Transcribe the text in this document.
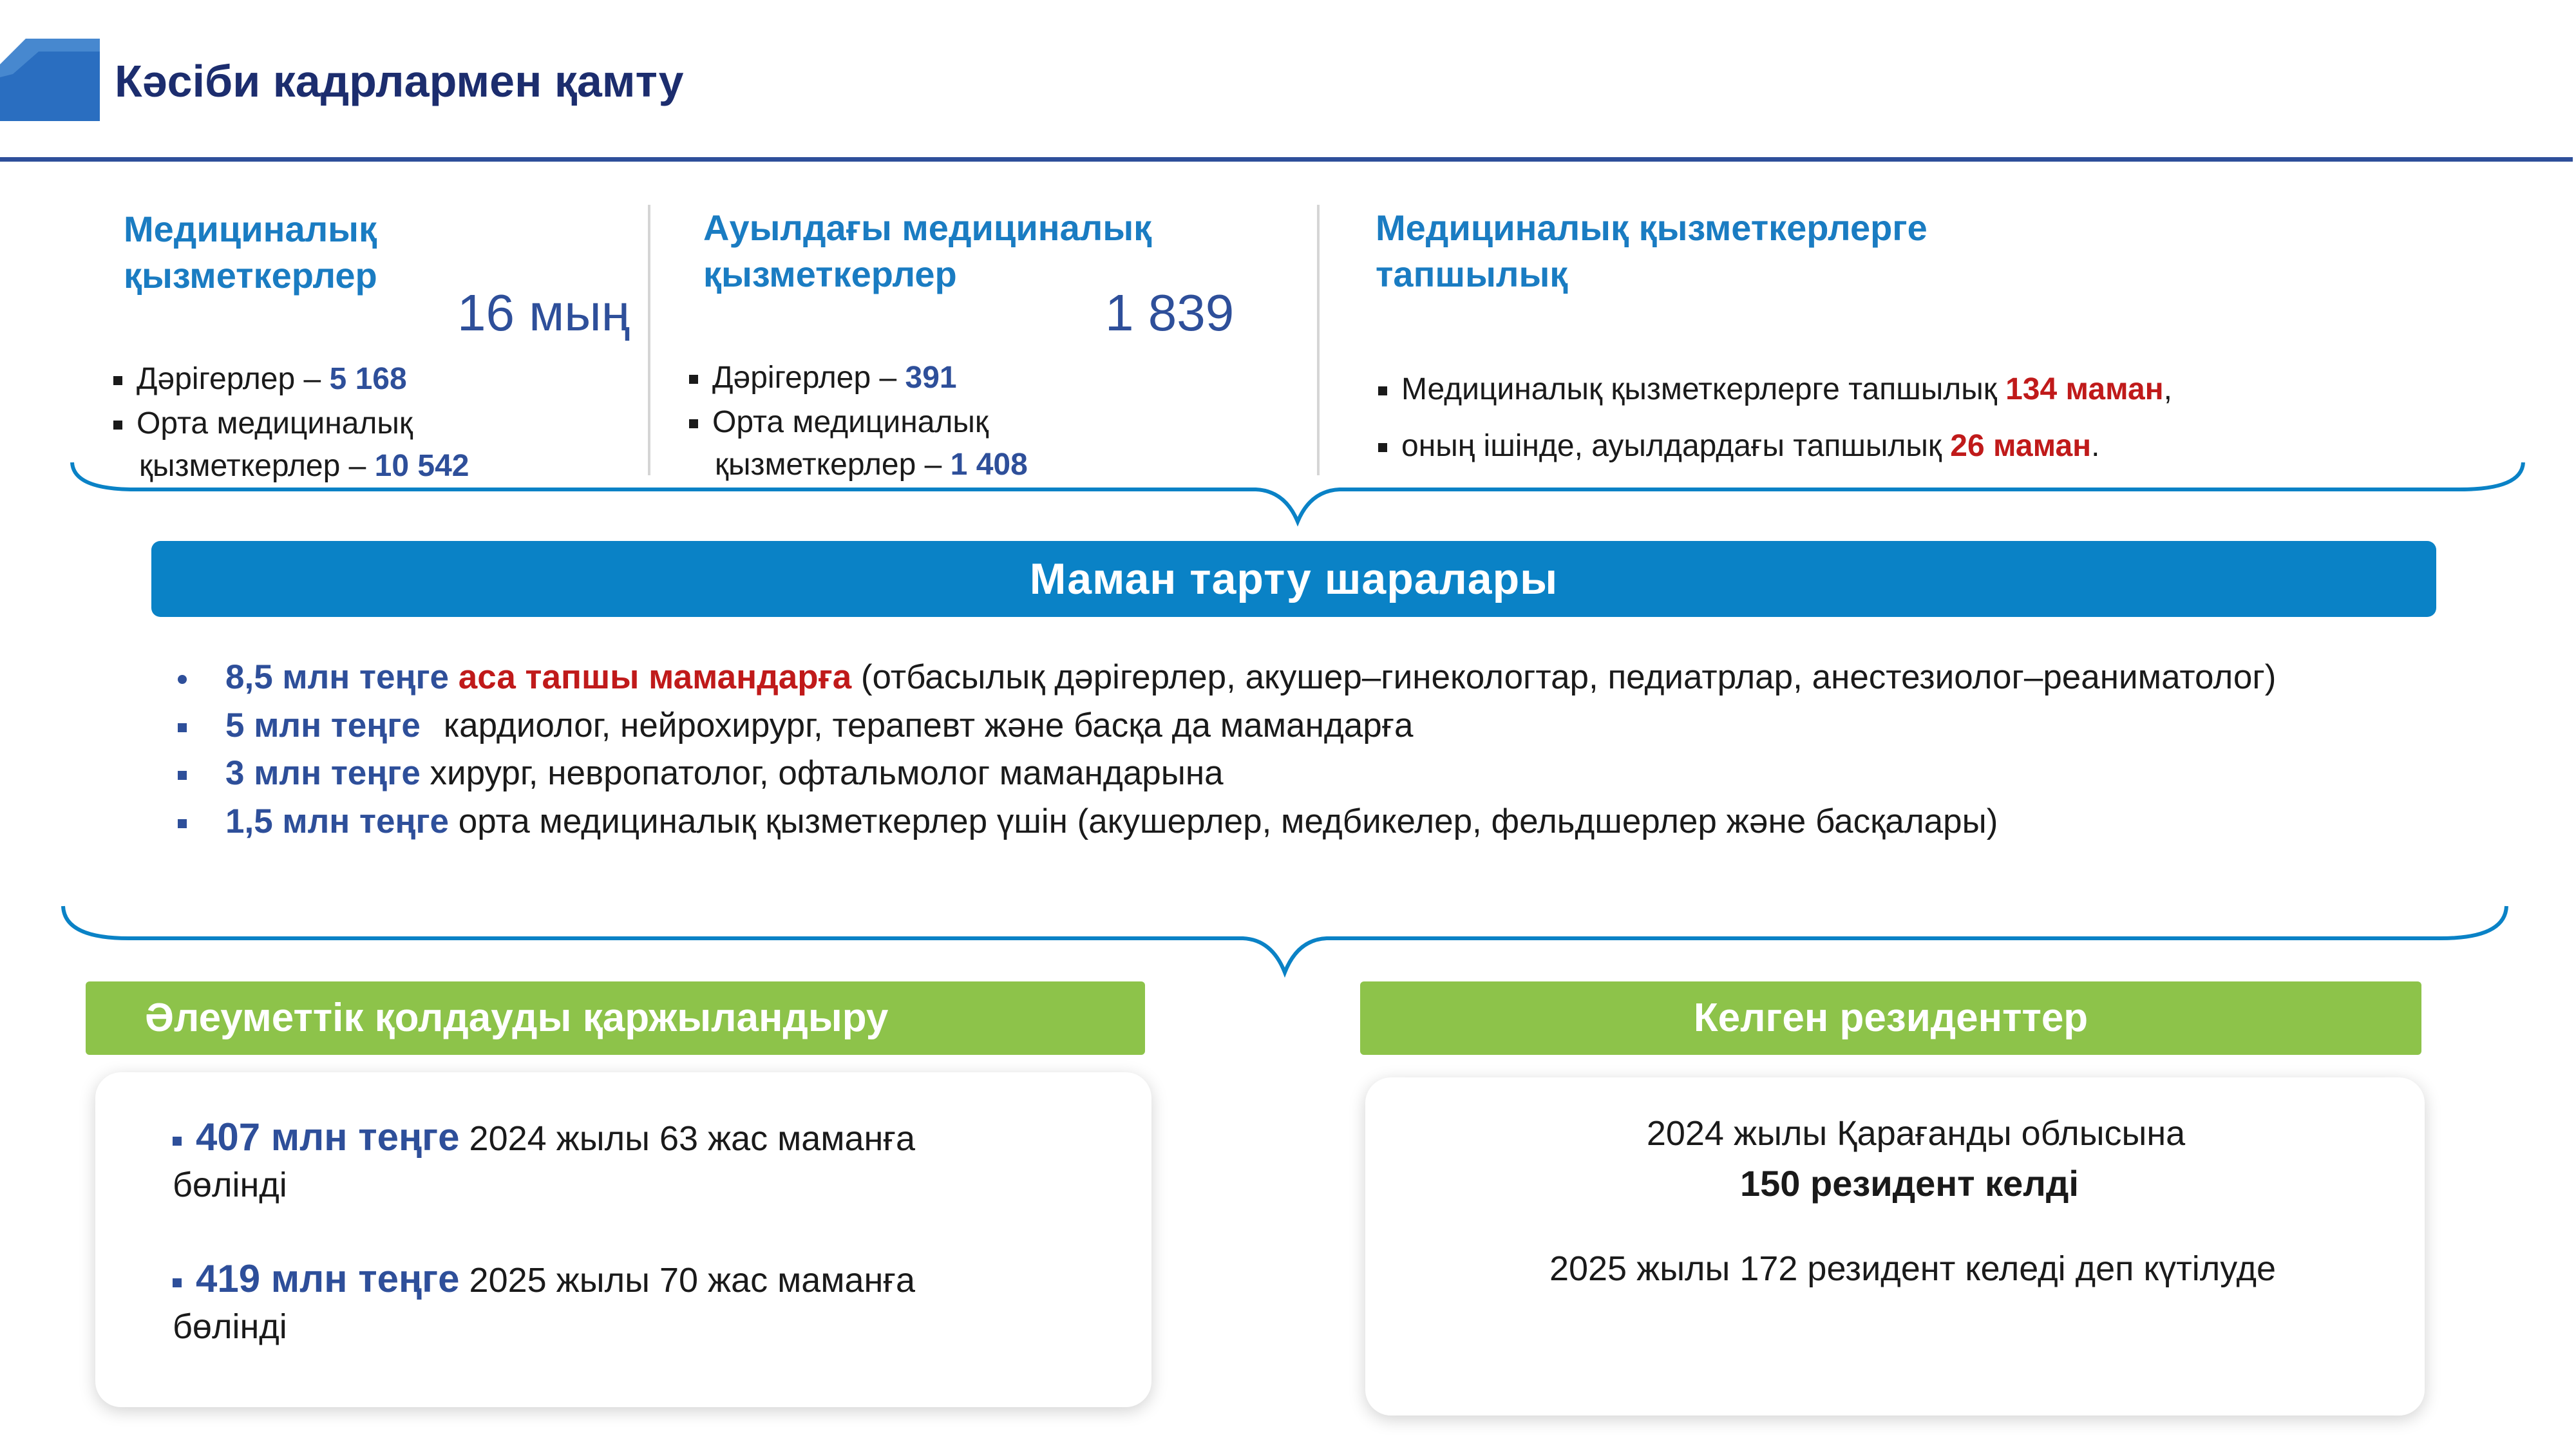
Кәсіби кадрлармен қамту
Медициналық
қызметкерлер
16 мың
Дәрігерлер – 5 168
Орта медициналық
қызметкерлер – 10 542
Ауылдағы медициналық
қызметкерлер
1 839
Дәрігерлер – 391
Орта медициналық
қызметкерлер – 1 408
Медициналық қызметкерлерге
тапшылық
Медициналық қызметкерлерге тапшылық 134 маман,
оның ішінде, ауылдардағы тапшылық 26 маман.
Маман тарту шаралары
8,5 млн теңге аса тапшы мамандарға (отбасылық дәрігерлер, акушер–гинекологтар, педиатрлар, анестезиолог–реаниматолог)
5 млн теңге кардиолог, нейрохирург, терапевт және басқа да мамандарға
3 млн теңге хирург, невропатолог, офтальмолог мамандарына
1,5 млн теңге орта медициналық қызметкерлер үшін (акушерлер, медбикелер, фельдшерлер және басқалары)
Әлеуметтік қолдауды қаржыландыру
407 млн теңге 2024 жылы 63 жас маманға
бөлінді
419 млн теңге 2025 жылы 70 жас маманға
бөлінді
Келген резиденттер
2024 жылы Қарағанды облысына
150 резидент келді
2025 жылы 172 резидент келеді деп күтілуде
